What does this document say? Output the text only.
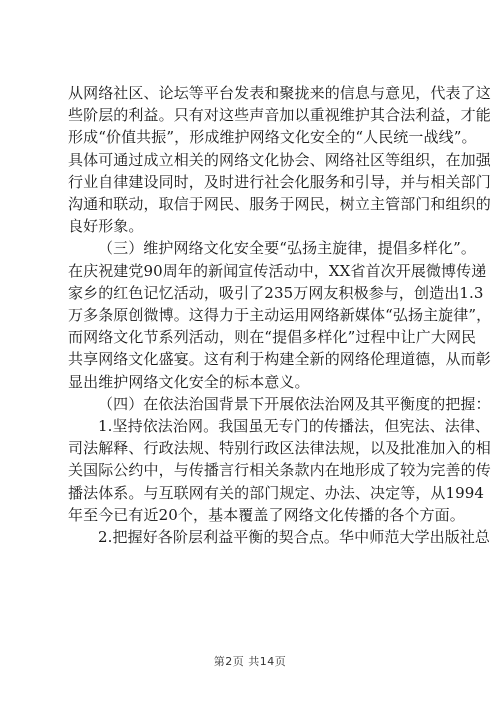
从网络社区、论坛等平台发表和聚拢来的信息与意见，代表了这

些阶层的利益。只有对这些声音加以重视维护其合法利益，才能

形成“价值共振”，形成维护网络文化安全的“人民统一战线”。

具体可通过成立相关的网络文化协会、网络社区等组织，在加强

行业自律建设同时，及时进行社会化服务和引导，并与相关部门

沟通和联动，取信于网民、服务于网民，树立主管部门和组织的

良好形象。

（三）维护网络文化安全要“弘扬主旋律，提倡多样化”。

在庆祝建党90周年的新闻宣传活动中，XX省首次开展微博传递

家乡的红色记忆活动，吸引了235万网友积极参与，创造出1.3

万多条原创微博。这得力于主动运用网络新媒体“弘扬主旋律”，

而网络文化节系列活动，则在“提倡多样化”过程中让广大网民

共享网络文化盛宴。这有利于构建全新的网络伦理道德，从而彰

显出维护网络文化安全的标本意义。

（四）在依法治国背景下开展依法治网及其平衡度的把握：

1.坚持依法治网。我国虽无专门的传播法，但宪法、法律、

司法解释、行政法规、特别行政区法律法规，以及批准加入的相

关国际公约中，与传播言行相关条款内在地形成了较为完善的传

播法体系。与互联网有关的部门规定、办法、决定等，从1994

年至今已有近20个，基本覆盖了网络文化传播的各个方面。

2.把握好各阶层利益平衡的契合点。华中师范大学出版社总

第2页 共14页
